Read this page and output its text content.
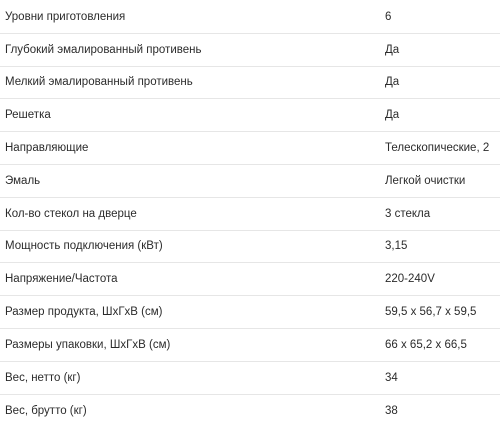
Уровни приготовления	6
Глубокий эмалированный противень	Да
Мелкий эмалированный противень	Да
Решетка	Да
Направляющие	Телескопические, 2
Эмаль	Легкой очистки
Кол-во стекол на дверце	3 стекла
Мощность подключения (кВт)	3,15
Напряжение/Частота	220-240V
Размер продукта, ШxГxВ (см)	59,5 x 56,7 x 59,5
Размеры упаковки, ШxГxВ (см)	66 x 65,2 x 66,5
Вес, нетто (кг)	34
Вес, брутто (кг)	38
